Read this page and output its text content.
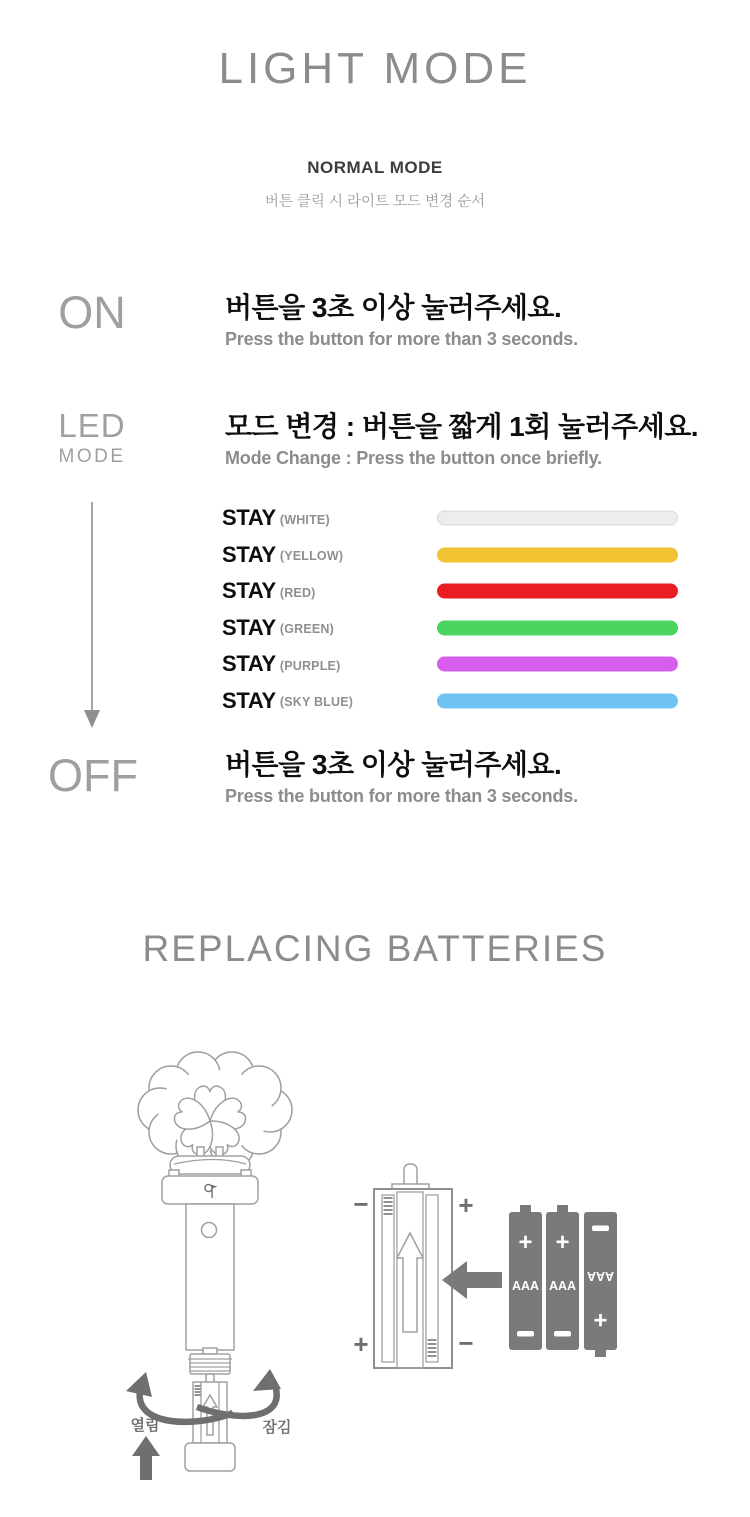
LIGHT MODE
NORMAL MODE
버튼 클릭 시 라이트 모드 변경 순서
ON	버튼을 3초 이상 눌러주세요.
Press the button for more than 3 seconds.
LED
MODE
모드 변경 : 버튼을 짧게 1회 눌러주세요.
Mode Change : Press the button once briefly.
STAY (WHITE)
STAY (YELLOW)
STAY (RED)
STAY (GREEN)
STAY (PURPLE)
STAY (SKY BLUE)
OFF	버튼을 3초 이상 눌러주세요.
Press the button for more than 3 seconds.
REPLACING BATTERIES
열림	잠김
−	+
+	−
+
AAA
+
AAA
+
AAA
